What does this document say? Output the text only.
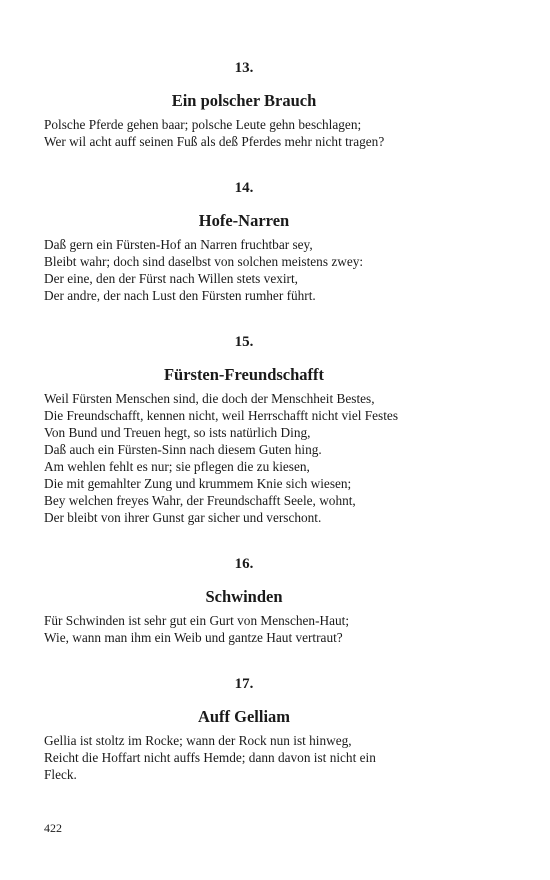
13.
Ein polscher Brauch
Polsche Pferde gehen baar; polsche Leute gehn beschlagen;
Wer wil acht auff seinen Fuß als deß Pferdes mehr nicht tragen?
14.
Hofe-Narren
Daß gern ein Fürsten-Hof an Narren fruchtbar sey,
Bleibt wahr; doch sind daselbst von solchen meistens zwey:
Der eine, den der Fürst nach Willen stets vexirt,
Der andre, der nach Lust den Fürsten rumher führt.
15.
Fürsten-Freundschafft
Weil Fürsten Menschen sind, die doch der Menschheit Bestes,
Die Freundschafft, kennen nicht, weil Herrschafft nicht viel Festes
Von Bund und Treuen hegt, so ists natürlich Ding,
Daß auch ein Fürsten-Sinn nach diesem Guten hing.
Am wehlen fehlt es nur; sie pflegen die zu kiesen,
Die mit gemahlter Zung und krummem Knie sich wiesen;
Bey welchen freyes Wahr, der Freundschafft Seele, wohnt,
Der bleibt von ihrer Gunst gar sicher und verschont.
16.
Schwinden
Für Schwinden ist sehr gut ein Gurt von Menschen-Haut;
Wie, wann man ihm ein Weib und gantze Haut vertraut?
17.
Auff Gelliam
Gellia ist stoltz im Rocke; wann der Rock nun ist hinweg,
Reicht die Hoffart nicht auffs Hemde; dann davon ist nicht ein
Fleck.
422
